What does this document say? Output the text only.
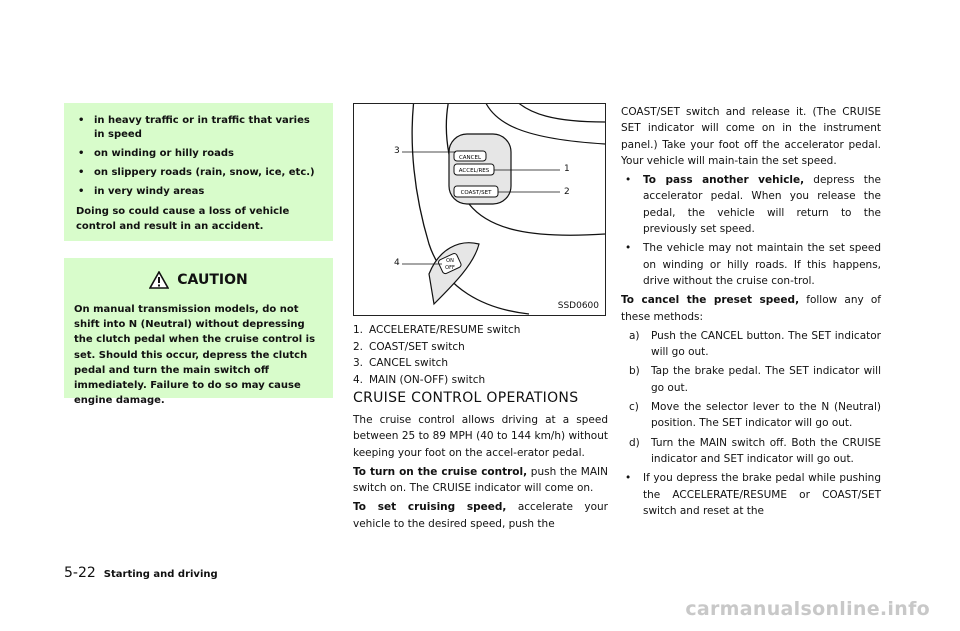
• in heavy traffic or in traffic that varies in speed
• on winding or hilly roads
• on slippery roads (rain, snow, ice, etc.)
• in very windy areas
Doing so could cause a loss of vehicle control and result in an accident.
CAUTION
On manual transmission models, do not shift into N (Neutral) without depressing the clutch pedal when the cruise control is set. Should this occur, depress the clutch pedal and turn the main switch off immediately. Failure to do so may cause engine damage.
CANCEL
ACCEL/RES
COAST/SET
ON
OFF
3
1
2
4
SSD0600
1. ACCELERATE/RESUME switch
2. COAST/SET switch
3. CANCEL switch
4. MAIN (ON-OFF) switch
CRUISE CONTROL OPERATIONS

The cruise control allows driving at a speed between 25 to 89 MPH (40 to 144 km/h) without keeping your foot on the accel-erator pedal.

To turn on the cruise control, push the MAIN switch on. The CRUISE indicator will come on.

To set cruising speed, accelerate your vehicle to the desired speed, push the

COAST/SET switch and release it. (The CRUISE SET indicator will come on in the instrument panel.) Take your foot off the accelerator pedal. Your vehicle will main-tain the set speed.

• To pass another vehicle, depress the accelerator pedal. When you release the pedal, the vehicle will return to the previously set speed.
• The vehicle may not maintain the set speed on winding or hilly roads. If this happens, drive without the cruise con-trol.

To cancel the preset speed, follow any of these methods:

a) Push the CANCEL button. The SET indicator will go out.
b) Tap the brake pedal. The SET indicator will go out.
c) Move the selector lever to the N (Neutral) position. The SET indicator will go out.
d) Turn the MAIN switch off. Both the CRUISE indicator and SET indicator will go out.
• If you depress the brake pedal while pushing the ACCELERATE/RESUME or COAST/SET switch and reset at the
5-22 Starting and driving
carmanualsonline.info
